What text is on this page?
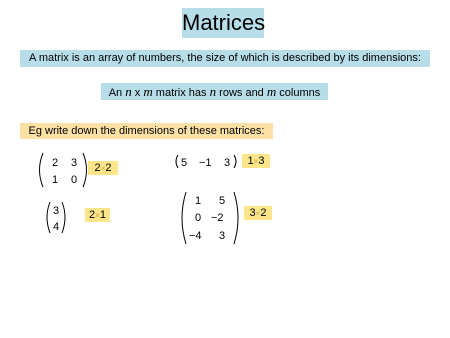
Matrices
A matrix is an array of numbers, the size of which is described by its dimensions:
An n x m matrix has n rows and m columns
Eg write down the dimensions of these matrices:
2 3
1 0
2×2
3
4
2×1
5 −1 3	1×3
1 5
0 −2
−4 3
3×2
